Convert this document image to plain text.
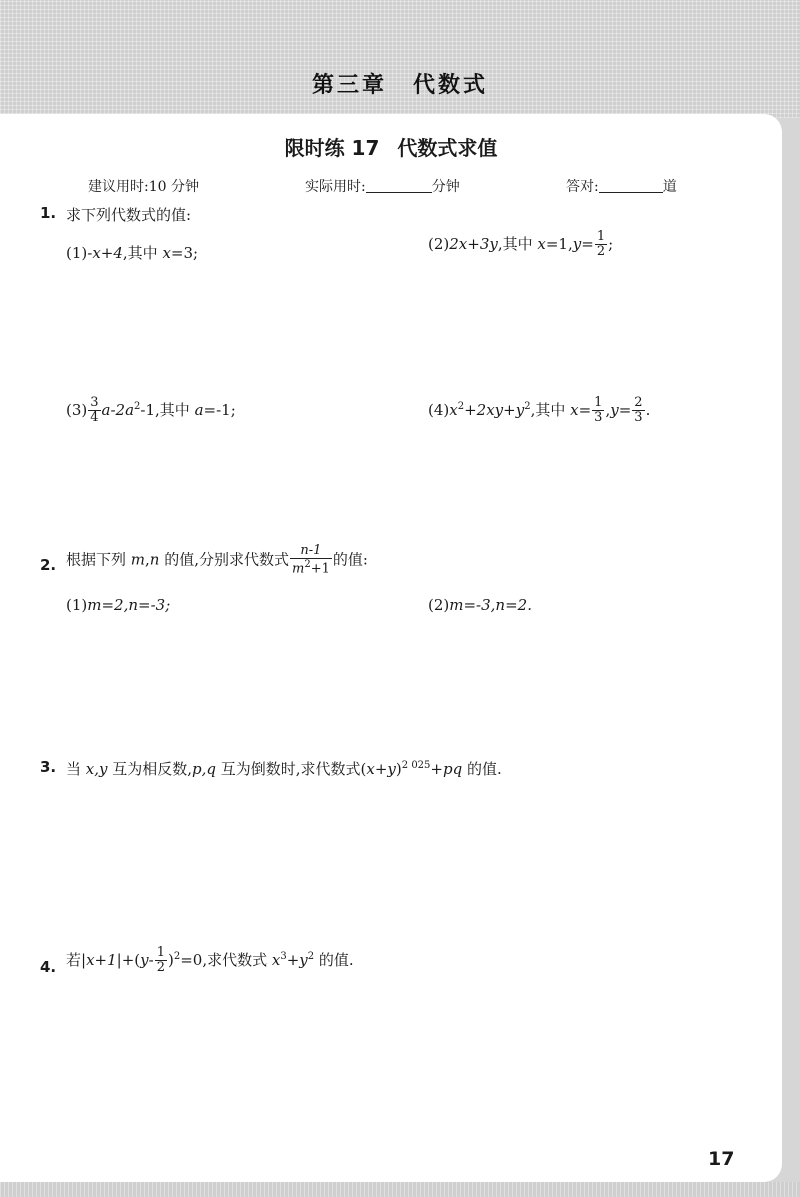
第三章 代数式
限时练 17 代数式求值
建议用时:10 分钟	实际用时:	分钟	答对:	道
1. 求下列代数式的值:
(1)-x+4,其中 x=3;
(2)2x+3y,其中 $x=1,y= \frac{1}{2}$ ;
$(3) \frac{3}{4} a-2a^2-1$,其中 a=-1;	$(4)x^2+2xy+y^2$,其中 $x= \frac{1}{3} ,y= \frac{2}{3}$ .
2. 根据下列 m,n 的值,分别求代数式 $\frac{n-1}{m^2+1}$ 的值:
(1)m=2,n=-3;	(2)m=-3,n=2.
3. 当 x,y 互为相反数,p,q 互为倒数时,求代数式$(x+y)^{2 025}+pq$ 的值.
4. 若$|x+1|+(y- \frac{1}{2} )^2=0$,求代数式 $x^3+y^2$ 的值.
17
